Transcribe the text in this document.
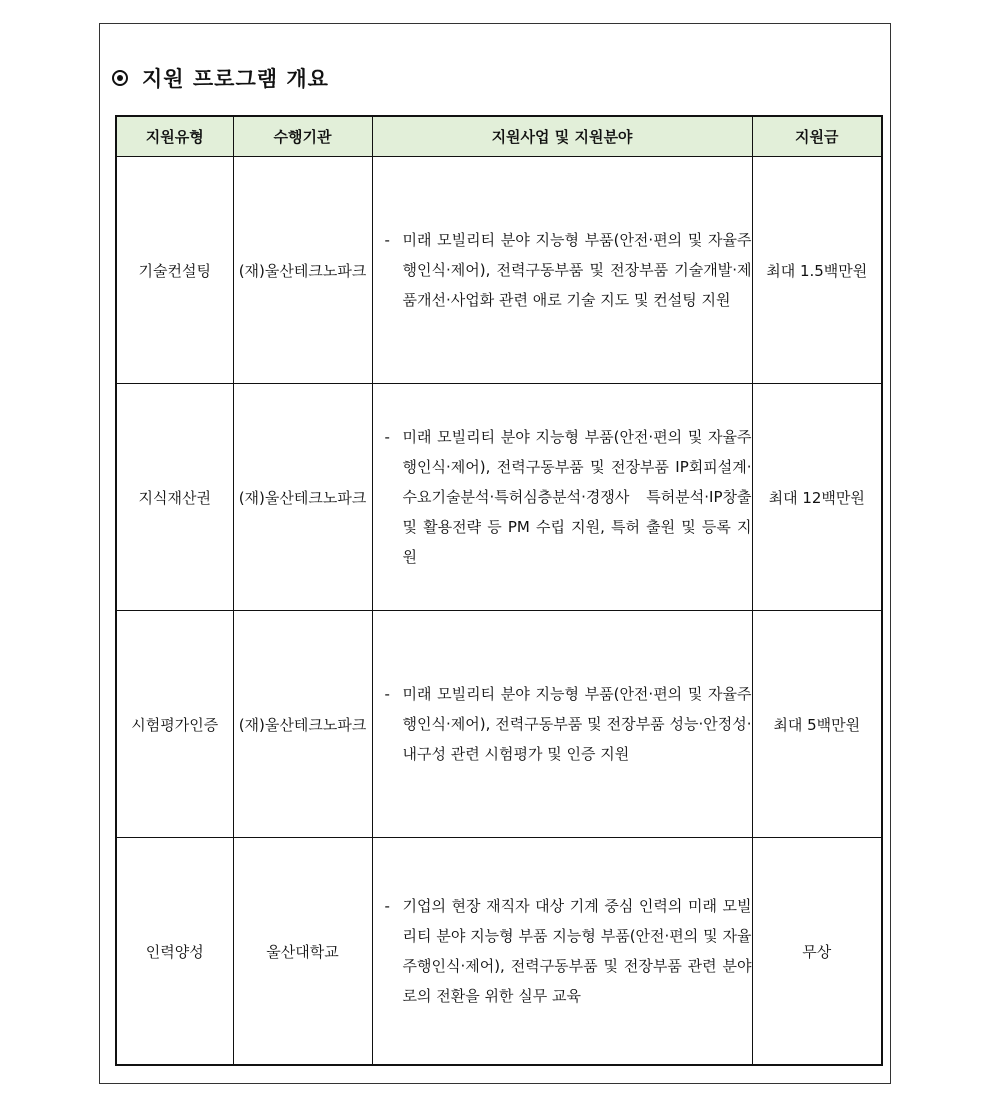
지원 프로그램 개요
지원유형	수행기관	지원사업 및 지원분야	지원금
기술컨설팅	(재)울산테크노파크	- 미래 모빌리티 분야 지능형 부품(안전·편의 및 자율주행인식·제어), 전력구동부품 및 전장부품 기술개발·제품개선·사업화 관련 애로 기술 지도 및 컨설팅 지원	최대 1.5백만원
지식재산권	(재)울산테크노파크	- 미래 모빌리티 분야 지능형 부품(안전·편의 및 자율주행인식·제어), 전력구동부품 및 전장부품 IP회피설계·수요기술분석·특허심층분석·경쟁사 특허분석·IP창출 및 활용전략 등 PM 수립 지원, 특허 출원 및 등록 지원	최대 12백만원
시험평가인증	(재)울산테크노파크	- 미래 모빌리티 분야 지능형 부품(안전·편의 및 자율주행인식·제어), 전력구동부품 및 전장부품 성능·안정성·내구성 관련 시험평가 및 인증 지원	최대 5백만원
인력양성	울산대학교	- 기업의 현장 재직자 대상 기계 중심 인력의 미래 모빌리티 분야 지능형 부품 지능형 부품(안전·편의 및 자율주행인식·제어), 전력구동부품 및 전장부품 관련 분야로의 전환을 위한 실무 교육	무상
